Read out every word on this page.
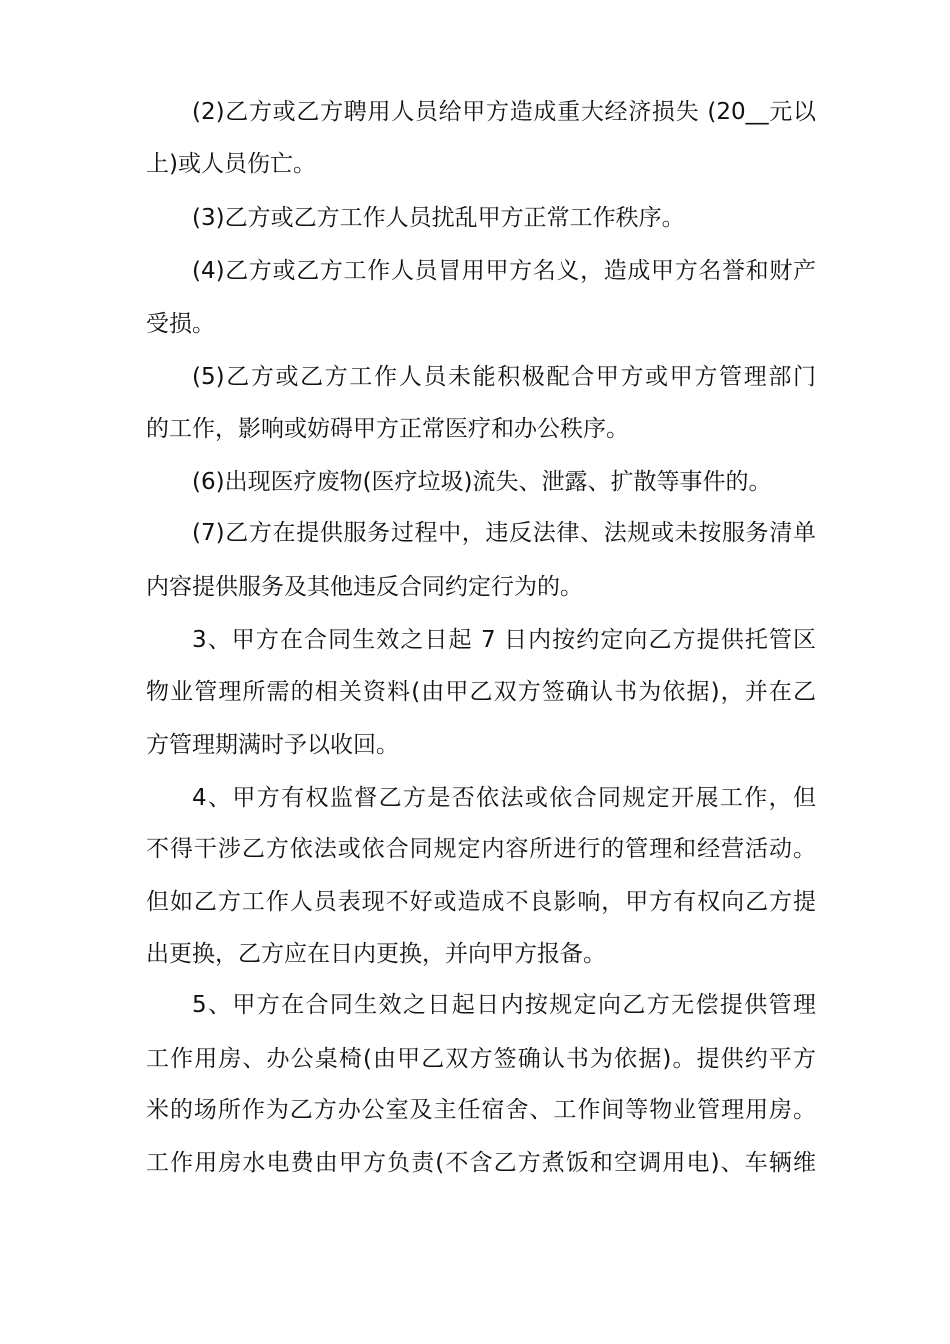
(2)乙方或乙方聘用人员给甲方造成重大经济损失 (20__元以
上)或人员伤亡。
(3)乙方或乙方工作人员扰乱甲方正常工作秩序。
(4)乙方或乙方工作人员冒用甲方名义，造成甲方名誉和财产
受损。
(5)乙方或乙方工作人员未能积极配合甲方或甲方管理部门
的工作，影响或妨碍甲方正常医疗和办公秩序。
(6)出现医疗废物(医疗垃圾)流失、泄露、扩散等事件的。
(7)乙方在提供服务过程中，违反法律、法规或未按服务清单
内容提供服务及其他违反合同约定行为的。
3、甲方在合同生效之日起 7 日内按约定向乙方提供托管区
物业管理所需的相关资料(由甲乙双方签确认书为依据)，并在乙
方管理期满时予以收回。
4、甲方有权监督乙方是否依法或依合同规定开展工作，但
不得干涉乙方依法或依合同规定内容所进行的管理和经营活动。
但如乙方工作人员表现不好或造成不良影响，甲方有权向乙方提
出更换，乙方应在日内更换，并向甲方报备。
5、甲方在合同生效之日起日内按规定向乙方无偿提供管理
工作用房、办公桌椅(由甲乙双方签确认书为依据)。提供约平方
米的场所作为乙方办公室及主任宿舍、工作间等物业管理用房。
工作用房水电费由甲方负责(不含乙方煮饭和空调用电)、车辆维
